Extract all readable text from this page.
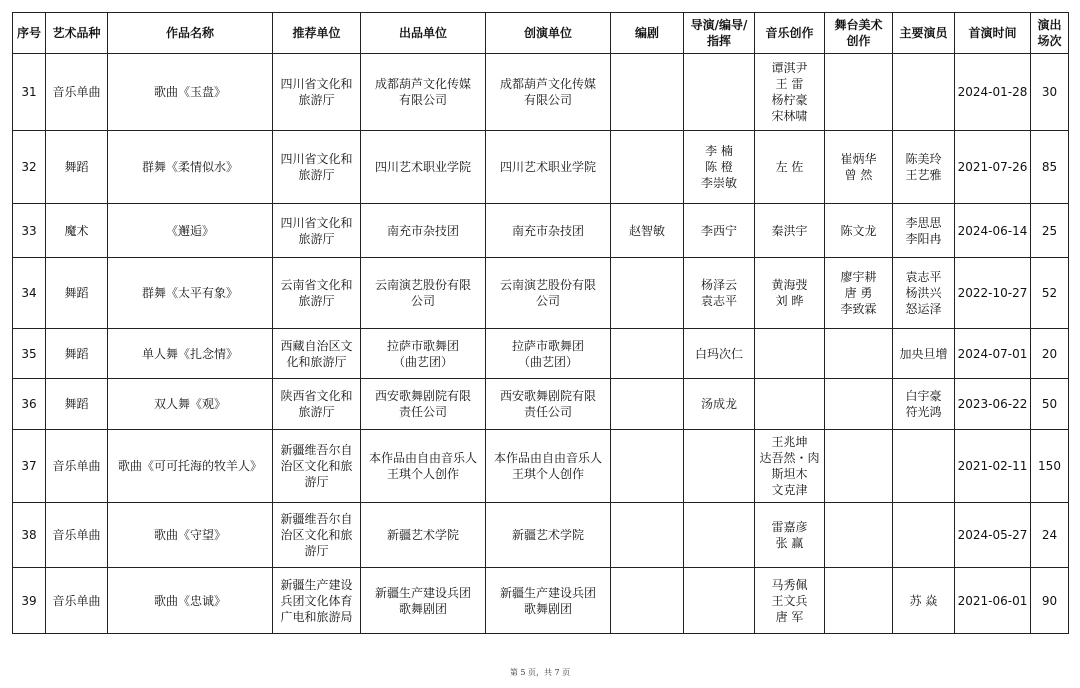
序号	艺术品种	作品名称	推荐单位	出品单位	创演单位	编剧	导演/编导/
指挥	音乐创作	舞台美术
创作	主要演员	首演时间	演出
场次

31	音乐单曲	歌曲《玉盘》	四川省文化和
旅游厅	成都葫芦文化传媒
有限公司	成都葫芦文化传媒
有限公司			谭淇尹
王 雷
杨柠豪
宋林啸			2024-01-28	30
32	舞蹈	群舞《柔情似水》	四川省文化和
旅游厅	四川艺术职业学院	四川艺术职业学院		李 楠
陈 橙
李崇敏	左 佐	崔炳华
曾 然	陈美玲
王艺雅	2021-07-26	85
33	魔术	《邂逅》	四川省文化和
旅游厅	南充市杂技团	南充市杂技团	赵智敏	李西宁	秦洪宇	陈文龙	李思思
李阳冉	2024-06-14	25
34	舞蹈	群舞《太平有象》	云南省文化和
旅游厅	云南演艺股份有限
公司	云南演艺股份有限
公司		杨泽云
袁志平	黄海弢
刘 晔	廖宇耕
唐 勇
李致霖	袁志平
杨洪兴
怒运泽	2022-10-27	52
35	舞蹈	单人舞《扎念情》	西藏自治区文
化和旅游厅	拉萨市歌舞团
（曲艺团）	拉萨市歌舞团
（曲艺团）		白玛次仁			加央旦增	2024-07-01	20
36	舞蹈	双人舞《观》	陕西省文化和
旅游厅	西安歌舞剧院有限
责任公司	西安歌舞剧院有限
责任公司		汤成龙			白宇豪
符光鸿	2023-06-22	50
37	音乐单曲	歌曲《可可托海的牧羊人》	新疆维吾尔自
治区文化和旅
游厅	本作品由自由音乐人
王琪个人创作	本作品由自由音乐人
王琪个人创作			王兆坤
达吾然・肉
斯坦木
文克津			2021-02-11	150
38	音乐单曲	歌曲《守望》	新疆维吾尔自
治区文化和旅
游厅	新疆艺术学院	新疆艺术学院			雷嘉彦
张 赢			2024-05-27	24
39	音乐单曲	歌曲《忠诚》	新疆生产建设
兵团文化体育
广电和旅游局	新疆生产建设兵团
歌舞剧团	新疆生产建设兵团
歌舞剧团			马秀佩
王文兵
唐 军		苏 焱	2021-06-01	90
第 5 页，共 7 页
